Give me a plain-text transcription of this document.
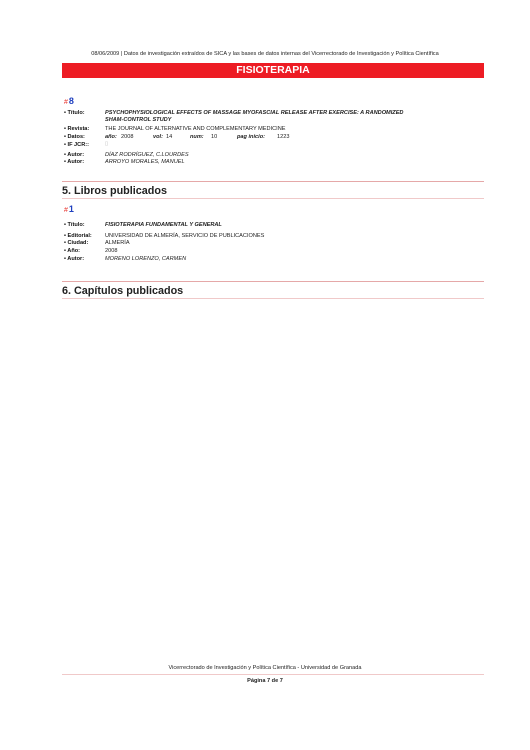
08/06/2009 | Datos de investigación extraídos de SICA y las bases de datos internas del Vicerrectorado de Investigación y Política Científica
FISIOTERAPIA
#8
• Título:	PSYCHOPHYSIOLOGICAL EFFECTS OF MASSAGE MYOFASCIAL RELEASE AFTER EXERCISE: A RANDOMIZED
SHAM-CONTROL STUDY
• Revista:	THE JOURNAL OF ALTERNATIVE AND COMPLEMENTARY MEDICINE
• Datos:	año: 2008	vol: 14	num: 10	pag inicio: 1223
• IF JCR::	▯
• Autor:	DÍAZ RODRÍGUEZ, C.LOURDES
• Autor:	ARROYO MORALES, MANUEL
5. Libros publicados
#1
• Título:	FISIOTERAPIA FUNDAMENTAL Y GENERAL
• Editorial: UNIVERSIDAD DE ALMERÍA, SERVICIO DE PUBLICACIONES
• Ciudad:	ALMERÍA
• Año:	2008
• Autor:	MORENO LORENZO, CARMEN
6. Capítulos publicados
Vicerrectorado de Investigación y Política Científica - Universidad de Granada
Página 7 de 7
